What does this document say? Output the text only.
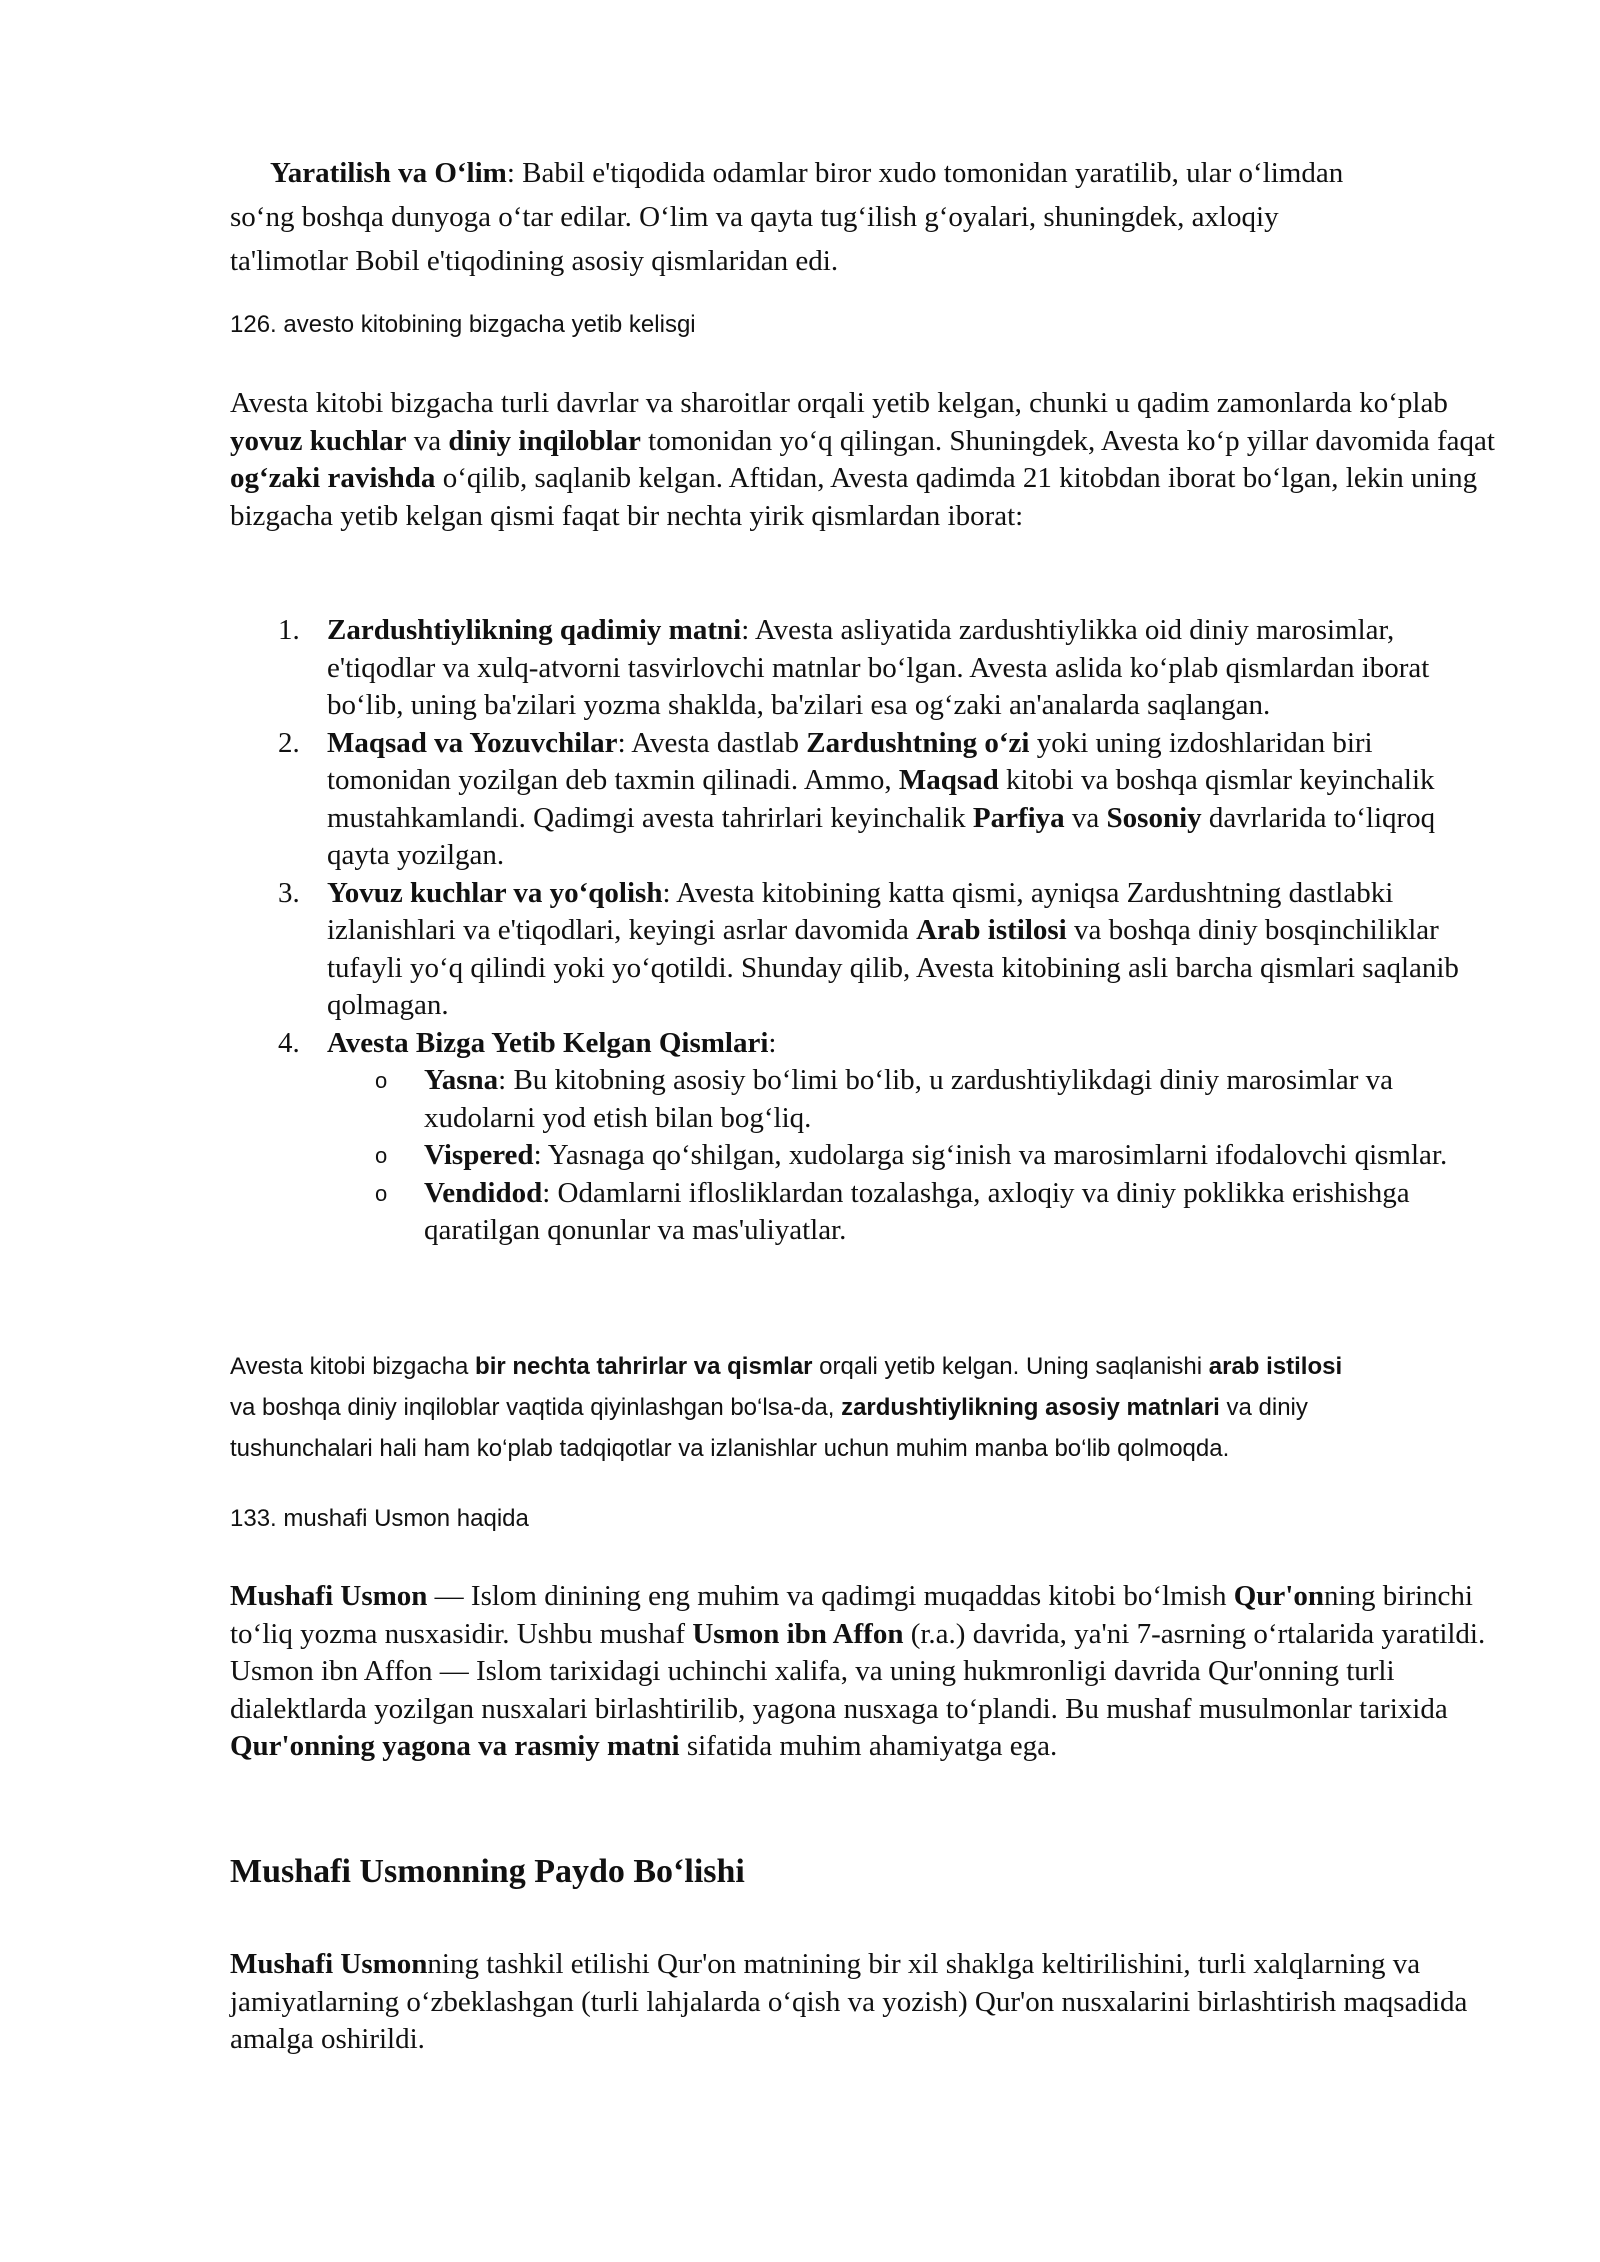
Yaratilish va O‘lim: Babil e'tiqodida odamlar biror xudo tomonidan yaratilib, ular o‘limdan

so‘ng boshqa dunyoga o‘tar edilar. O‘lim va qayta tug‘ilish g‘oyalari, shuningdek, axloqiy

ta'limotlar Bobil e'tiqodining asosiy qismlaridan edi.

126. avesto kitobining bizgacha yetib kelisgi

Avesta kitobi bizgacha turli davrlar va sharoitlar orqali yetib kelgan, chunki u qadim zamonlarda ko‘plab yovuz kuchlar va diniy inqiloblar tomonidan yo‘q qilingan. Shuningdek, Avesta ko‘p yillar davomida faqat og‘zaki ravishda o‘qilib, saqlanib kelgan. Aftidan, Avesta qadimda 21 kitobdan iborat bo‘lgan, lekin uning bizgacha yetib kelgan qismi faqat bir nechta yirik qismlardan iborat:

1. Zardushtiylikning qadimiy matni: Avesta asliyatida zardushtiylikka oid diniy marosimlar, e'tiqodlar va xulq-atvorni tasvirlovchi matnlar bo‘lgan. Avesta aslida ko‘plab qismlardan iborat bo‘lib, uning ba'zilari yozma shaklda, ba'zilari esa og‘zaki an'analarda saqlangan.
2. Maqsad va Yozuvchilar: Avesta dastlab Zardushtning o‘zi yoki uning izdoshlaridan biri tomonidan yozilgan deb taxmin qilinadi. Ammo, Maqsad kitobi va boshqa qismlar keyinchalik mustahkamlandi. Qadimgi avesta tahrirlari keyinchalik Parfiya va Sosoniy davrlarida to‘liqroq qayta yozilgan.
3. Yovuz kuchlar va yo‘qolish: Avesta kitobining katta qismi, ayniqsa Zardushtning dastlabki izlanishlari va e'tiqodlari, keyingi asrlar davomida Arab istilosi va boshqa diniy bosqinchiliklar tufayli yo‘q qilindi yoki yo‘qotildi. Shunday qilib, Avesta kitobining asli barcha qismlari saqlanib qolmagan.
4. Avesta Bizga Yetib Kelgan Qismlari:
o Yasna: Bu kitobning asosiy bo‘limi bo‘lib, u zardushtiylikdagi diniy marosimlar va xudolarni yod etish bilan bog‘liq.
o Vispered: Yasnaga qo‘shilgan, xudolarga sig‘inish va marosimlarni ifodalovchi qismlar.
o Vendidod: Odamlarni iflosliklardan tozalashga, axloqiy va diniy poklikka erishishga qaratilgan qonunlar va mas'uliyatlar.

Avesta kitobi bizgacha bir nechta tahrirlar va qismlar orqali yetib kelgan. Uning saqlanishi arab istilosi

va boshqa diniy inqiloblar vaqtida qiyinlashgan bo‘lsa-da, zardushtiylikning asosiy matnlari va diniy

tushunchalari hali ham ko‘plab tadqiqotlar va izlanishlar uchun muhim manba bo‘lib qolmoqda.

133. mushafi Usmon haqida

Mushafi Usmon — Islom dinining eng muhim va qadimgi muqaddas kitobi bo‘lmish Qur'onning birinchi to‘liq yozma nusxasidir. Ushbu mushaf Usmon ibn Affon (r.a.) davrida, ya'ni 7-asrning o‘rtalarida yaratildi. Usmon ibn Affon — Islom tarixidagi uchinchi xalifa, va uning hukmronligi davrida Qur'onning turli dialektlarda yozilgan nusxalari birlashtirilib, yagona nusxaga to‘plandi. Bu mushaf musulmonlar tarixida Qur'onning yagona va rasmiy matni sifatida muhim ahamiyatga ega.

Mushafi Usmonning Paydo Bo‘lishi

Mushafi Usmonning tashkil etilishi Qur'on matnining bir xil shaklga keltirilishini, turli xalqlarning va jamiyatlarning o‘zbeklashgan (turli lahjalarda o‘qish va yozish) Qur'on nusxalarini birlashtirish maqsadida amalga oshirildi.
